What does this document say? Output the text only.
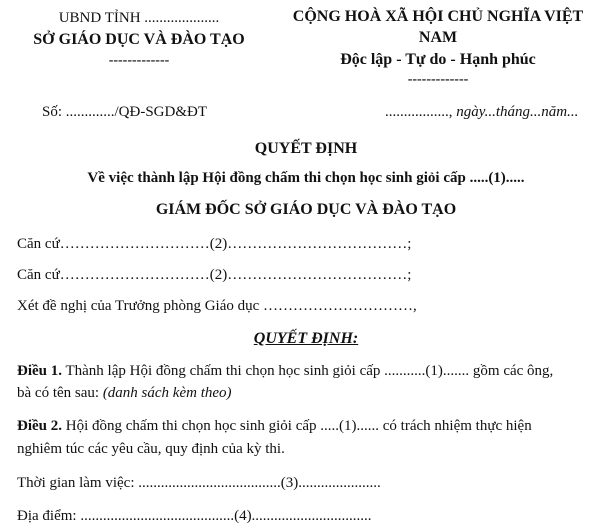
UBND TỈNH ....................
SỞ GIÁO DỤC VÀ ĐÀO TẠO
-------------
CỘNG HOÀ XÃ HỘI CHỦ NGHĨA VIỆT
NAM
Độc lập - Tự do - Hạnh phúc
-------------
Số: ............./QĐ-SGD&ĐT	................., ngày...tháng...năm...
QUYẾT ĐỊNH
Về việc thành lập Hội đồng chấm thi chọn học sinh giỏi cấp .....(1).....
GIÁM ĐỐC SỞ GIÁO DỤC VÀ ĐÀO TẠO
Căn cứ…………………………(2)………………………………;
Căn cứ…………………………(2)………………………………;
Xét đề nghị của Trưởng phòng Giáo dục …………………………,
QUYẾT ĐỊNH:
Điều 1. Thành lập Hội đồng chấm thi chọn học sinh giỏi cấp ...........(1)....... gồm các ông,
bà có tên sau: (danh sách kèm theo)
Điều 2. Hội đồng chấm thi chọn học sinh giỏi cấp .....(1)...... có trách nhiệm thực hiện
nghiêm túc các yêu cầu, quy định của kỳ thi.
Thời gian làm việc: ......................................(3)......................
Địa điểm: .........................................(4)................................
